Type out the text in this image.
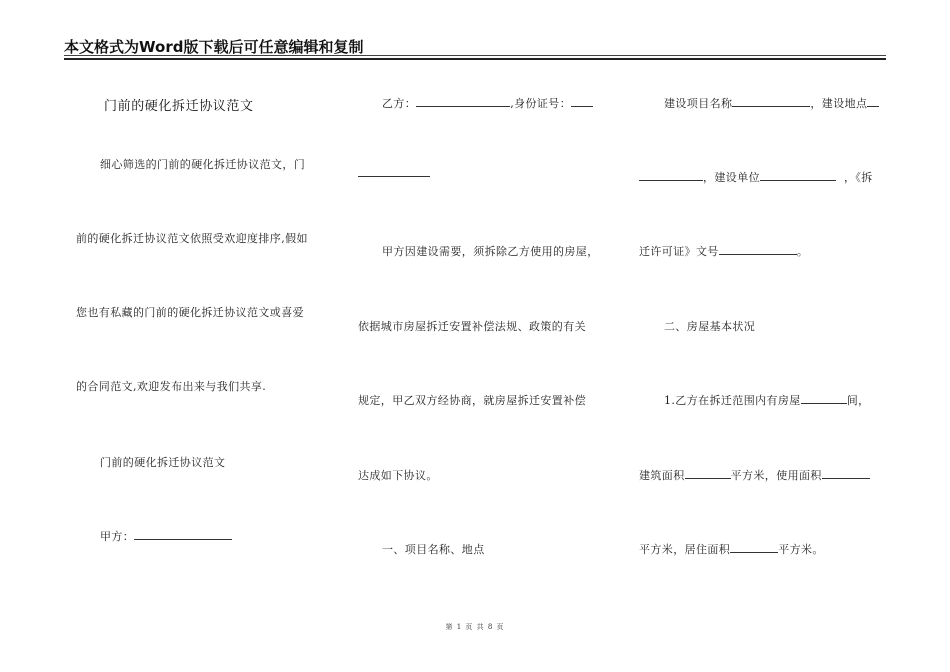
本文格式为Word版下载后可任意编辑和复制
门前的硬化拆迁协议范文
细心筛选的门前的硬化拆迁协议范文，门
前的硬化拆迁协议范文依照受欢迎度排序,假如
您也有私藏的门前的硬化拆迁协议范文或喜爱
的合同范文,欢迎发布出来与我们共享.
门前的硬化拆迁协议范文
甲方：
乙方：	,身份证号：
甲方因建设需要，须拆除乙方使用的房屋，
依据城市房屋拆迁安置补偿法规、政策的有关
规定，甲乙双方经协商，就房屋拆迁安置补偿
达成如下协议。
一、项目名称、地点
建设项目名称	，建设地点
，建设单位	，《拆
迁许可证》文号	。
二、房屋基本状况
1.乙方在拆迁范围内有房屋	间，
建筑面积	平方米，使用面积
平方米，居住面积	平方米。
第 1 页 共 8 页
